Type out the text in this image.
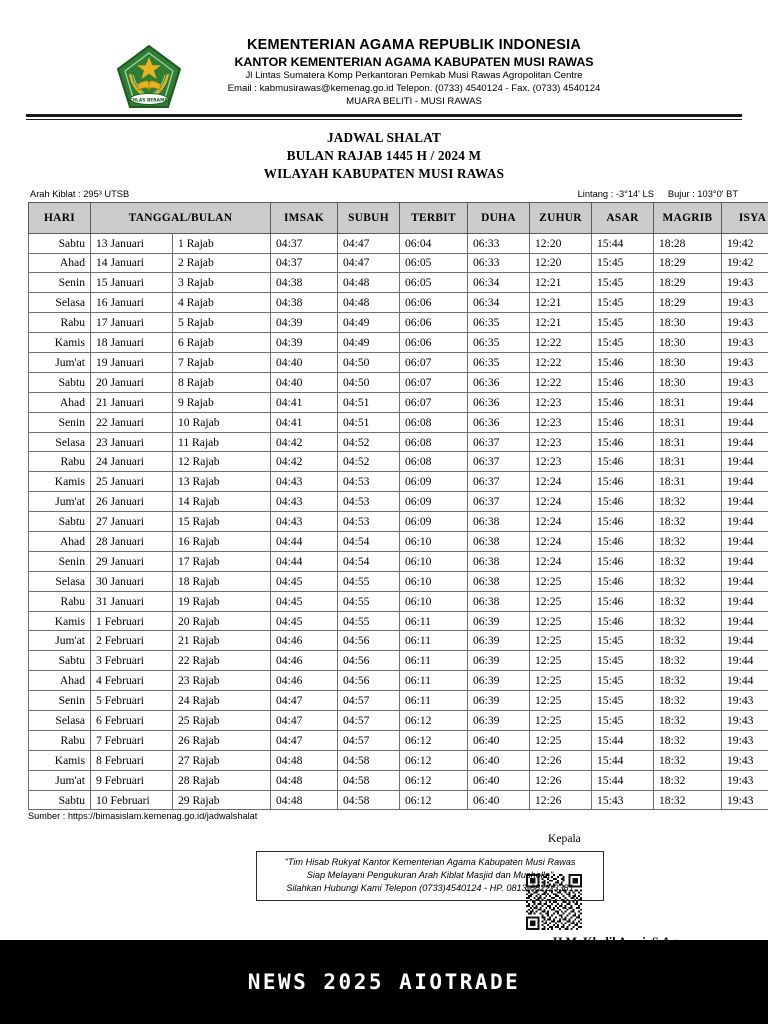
IKHLAS BERAMAL
KEMENTERIAN AGAMA REPUBLIK INDONESIA
KANTOR KEMENTERIAN AGAMA KABUPATEN MUSI RAWAS
Jl Lintas Sumatera Komp Perkantoran Pemkab Musi Rawas Agropolitan Centre
Email : kabmusirawas@kemenag.go.id Telepon. (0733) 4540124 - Fax. (0733) 4540124
MUARA BELITI - MUSI RAWAS
JADWAL SHALAT
BULAN RAJAB 1445 H / 2024 M
WILAYAH KABUPATEN MUSI RAWAS
Arah Kiblat : 295³ UTSB	Lintang : -3°14' LS Bujur : 103°0' BT
HARI	TANGGAL/BULAN		IMSAK	SUBUH	TERBIT	DUHA	ZUHUR	ASAR	MAGRIB	ISYA
Sabtu	13 Januari	1 Rajab	04:37	04:47	06:04	06:33	12:20	15:44	18:28	19:42
Ahad	14 Januari	2 Rajab	04:37	04:47	06:05	06:33	12:20	15:45	18:29	19:42
Senin	15 Januari	3 Rajab	04:38	04:48	06:05	06:34	12:21	15:45	18:29	19:43
Selasa	16 Januari	4 Rajab	04:38	04:48	06:06	06:34	12:21	15:45	18:29	19:43
Rabu	17 Januari	5 Rajab	04:39	04:49	06:06	06:35	12:21	15:45	18:30	19:43
Kamis	18 Januari	6 Rajab	04:39	04:49	06:06	06:35	12:22	15:45	18:30	19:43
Jum'at	19 Januari	7 Rajab	04:40	04:50	06:07	06:35	12:22	15:46	18:30	19:43
Sabtu	20 Januari	8 Rajab	04:40	04:50	06:07	06:36	12:22	15:46	18:30	19:43
Ahad	21 Januari	9 Rajab	04:41	04:51	06:07	06:36	12:23	15:46	18:31	19:44
Senin	22 Januari	10 Rajab	04:41	04:51	06:08	06:36	12:23	15:46	18:31	19:44
Selasa	23 Januari	11 Rajab	04:42	04:52	06:08	06:37	12:23	15:46	18:31	19:44
Rabu	24 Januari	12 Rajab	04:42	04:52	06:08	06:37	12:23	15:46	18:31	19:44
Kamis	25 Januari	13 Rajab	04:43	04:53	06:09	06:37	12:24	15:46	18:31	19:44
Jum'at	26 Januari	14 Rajab	04:43	04:53	06:09	06:37	12:24	15:46	18:32	19:44
Sabtu	27 Januari	15 Rajab	04:43	04:53	06:09	06:38	12:24	15:46	18:32	19:44
Ahad	28 Januari	16 Rajab	04:44	04:54	06:10	06:38	12:24	15:46	18:32	19:44
Senin	29 Januari	17 Rajab	04:44	04:54	06:10	06:38	12:24	15:46	18:32	19:44
Selasa	30 Januari	18 Rajab	04:45	04:55	06:10	06:38	12:25	15:46	18:32	19:44
Rabu	31 Januari	19 Rajab	04:45	04:55	06:10	06:38	12:25	15:46	18:32	19:44
Kamis	1 Februari	20 Rajab	04:45	04:55	06:11	06:39	12:25	15:46	18:32	19:44
Jum'at	2 Februari	21 Rajab	04:46	04:56	06:11	06:39	12:25	15:45	18:32	19:44
Sabtu	3 Februari	22 Rajab	04:46	04:56	06:11	06:39	12:25	15:45	18:32	19:44
Ahad	4 Februari	23 Rajab	04:46	04:56	06:11	06:39	12:25	15:45	18:32	19:44
Senin	5 Februari	24 Rajab	04:47	04:57	06:11	06:39	12:25	15:45	18:32	19:43
Selasa	6 Februari	25 Rajab	04:47	04:57	06:12	06:39	12:25	15:45	18:32	19:43
Rabu	7 Februari	26 Rajab	04:47	04:57	06:12	06:40	12:25	15:44	18:32	19:43
Kamis	8 Februari	27 Rajab	04:48	04:58	06:12	06:40	12:26	15:44	18:32	19:43
Jum'at	9 Februari	28 Rajab	04:48	04:58	06:12	06:40	12:26	15:44	18:32	19:43
Sabtu	10 Februari	29 Rajab	04:48	04:58	06:12	06:40	12:26	15:43	18:32	19:43
Sumber : https://bimasislam.kemenag.go.id/jadwalshalat
Kepala
"Tim Hisab Rukyat Kantor Kementerian Agama Kabupaten Musi Rawas
Siap Melayani Pengukuran Arah Kiblat Masjid dan Musholla"
Silahkan Hubungi Kami Telepon (0733)4540124 - HP. 0813-6822-3381
NEWS 2025 AIOTRADE
